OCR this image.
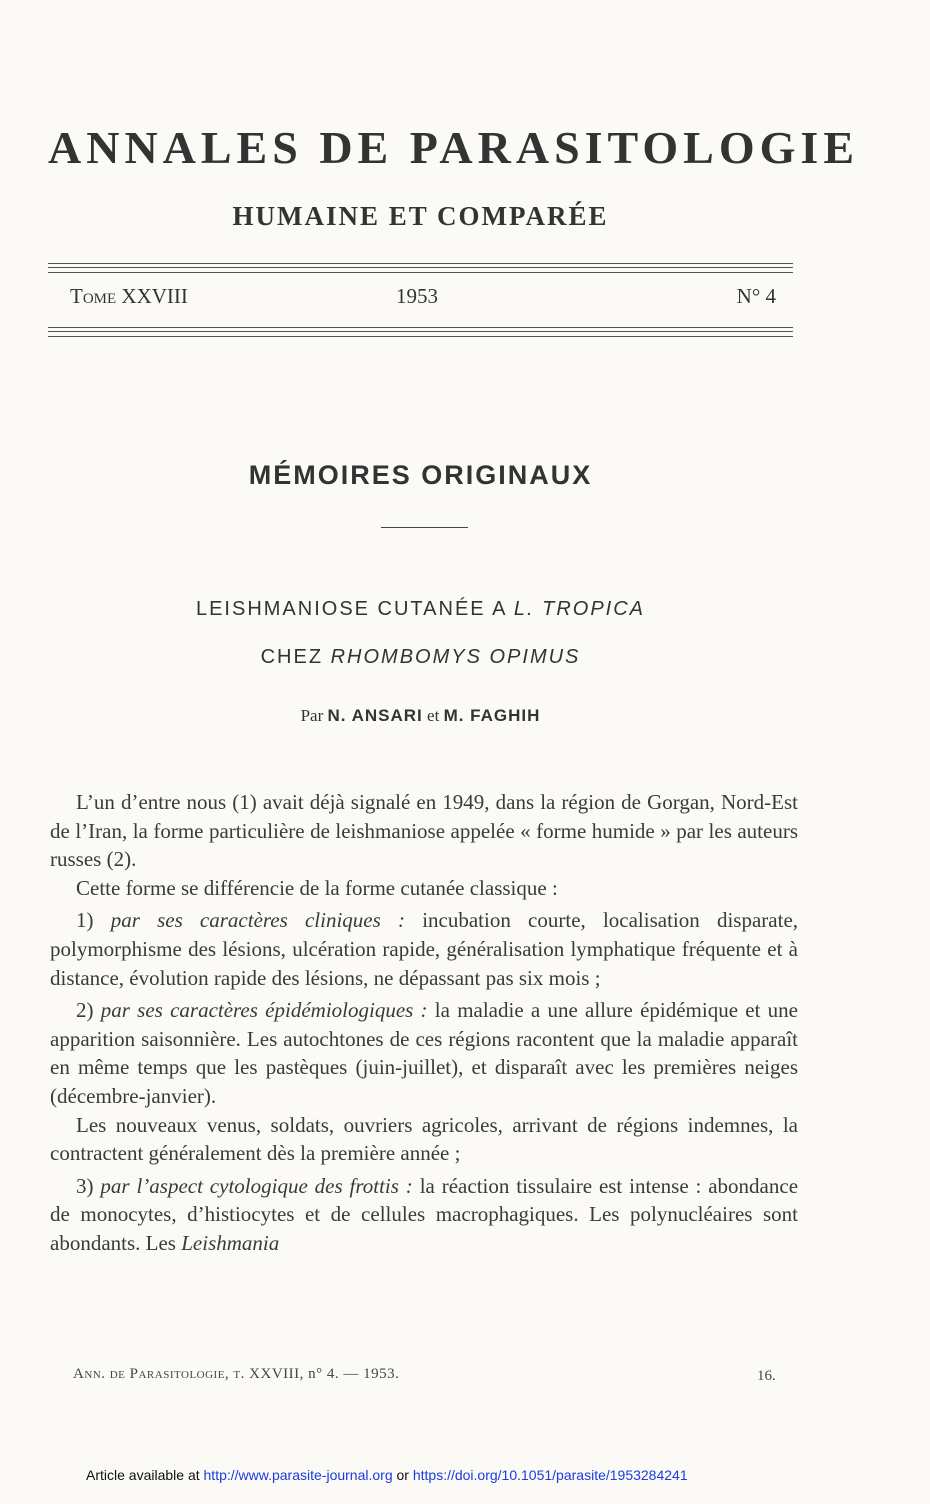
ANNALES DE PARASITOLOGIE
HUMAINE ET COMPARÉE
Tome XXVIII	1953	N° 4
MÉMOIRES ORIGINAUX
LEISHMANIOSE CUTANÉE A L. TROPICA
CHEZ RHOMBOMYS OPIMUS
Par N. ANSARI et M. FAGHIH

L’un d’entre nous (1) avait déjà signalé en 1949, dans la région de Gorgan, Nord-Est de l’Iran, la forme particulière de leishmaniose appelée « forme humide » par les auteurs russes (2).

Cette forme se différencie de la forme cutanée classique :

1) par ses caractères cliniques : incubation courte, localisation disparate, polymorphisme des lésions, ulcération rapide, généralisation lymphatique fréquente et à distance, évolution rapide des lésions, ne dépassant pas six mois ;

2) par ses caractères épidémiologiques : la maladie a une allure épidémique et une apparition saisonnière. Les autochtones de ces régions racontent que la maladie apparaît en même temps que les pastèques (juin-juillet), et disparaît avec les premières neiges (décembre-janvier).

Les nouveaux venus, soldats, ouvriers agricoles, arrivant de régions indemnes, la contractent généralement dès la première année ;

3) par l’aspect cytologique des frottis : la réaction tissulaire est intense : abondance de monocytes, d’histiocytes et de cellules macrophagiques. Les polynucléaires sont abondants. Les Leishmania

Ann. de Parasitologie, t. XXVIII, n° 4. — 1953.	16.
Article available at http://www.parasite-journal.org or https://doi.org/10.1051/parasite/1953284241
